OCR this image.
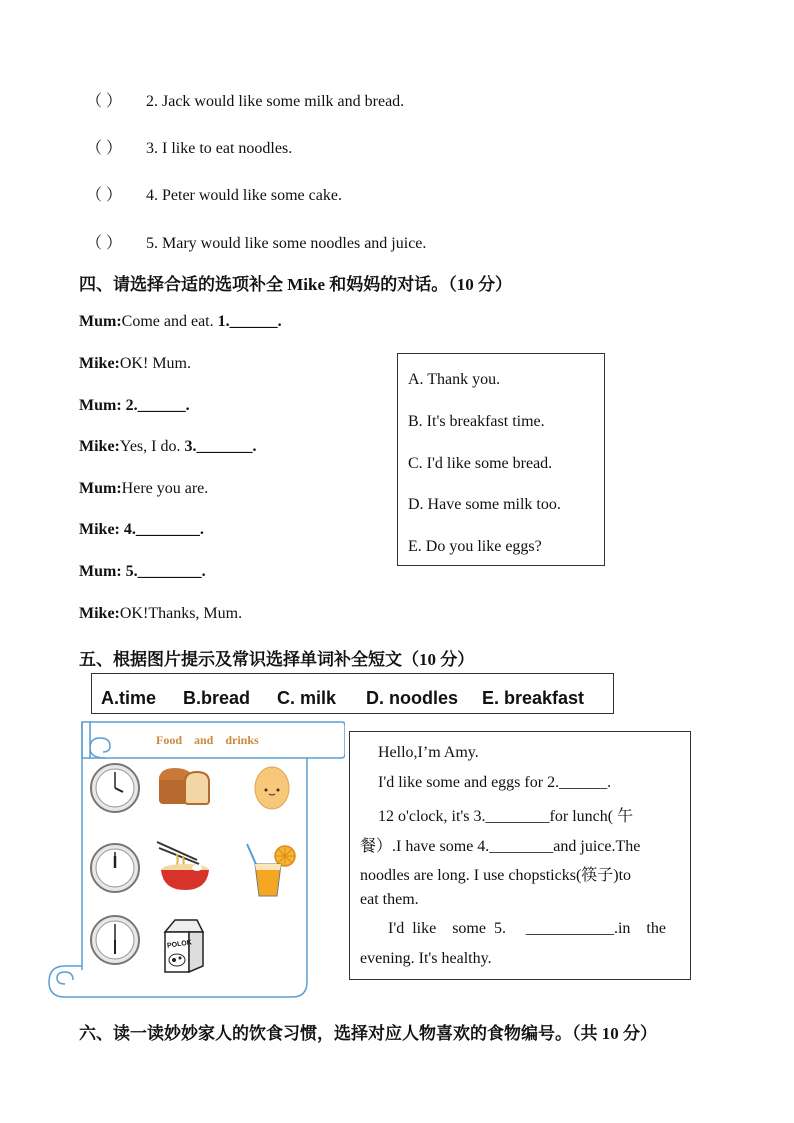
（ ） 2. Jack would like some milk and bread.
（ ） 3. I like to eat noodles.
（ ） 4. Peter would like some cake.
（ ） 5. Mary would like some noodles and juice.
四、请选择合适的选项补全 Mike 和妈妈的对话。（10 分）
Mum:Come and eat. 1.______.
Mike:OK! Mum.
Mum: 2.______.
Mike:Yes, I do. 3._______.
Mum:Here you are.
Mike: 4.________.
Mum: 5.________.
Mike:OK!Thanks, Mum.
A. Thank you.
B. It's breakfast time.
C. I'd like some bread.
D. Have some milk too.
E. Do you like eggs?
五、根据图片提示及常识选择单词补全短文（10 分）
A.time B.bread C. milk D. noodles E. breakfast
Food    and    drinks
POLOK
Hello,I’m Amy.
I'd like some and eggs for 2.______.
12 o'clock, it's 3.________for lunch( 午
餐）.I have some 4.________and juice.The
noodles are long. I use chopsticks(筷子)to
eat them.
I'd  like    some  5.     ___________.in    the
evening. It's healthy.
六、读一读妙妙家人的饮食习惯，选择对应人物喜欢的食物编号。（共 10 分）
